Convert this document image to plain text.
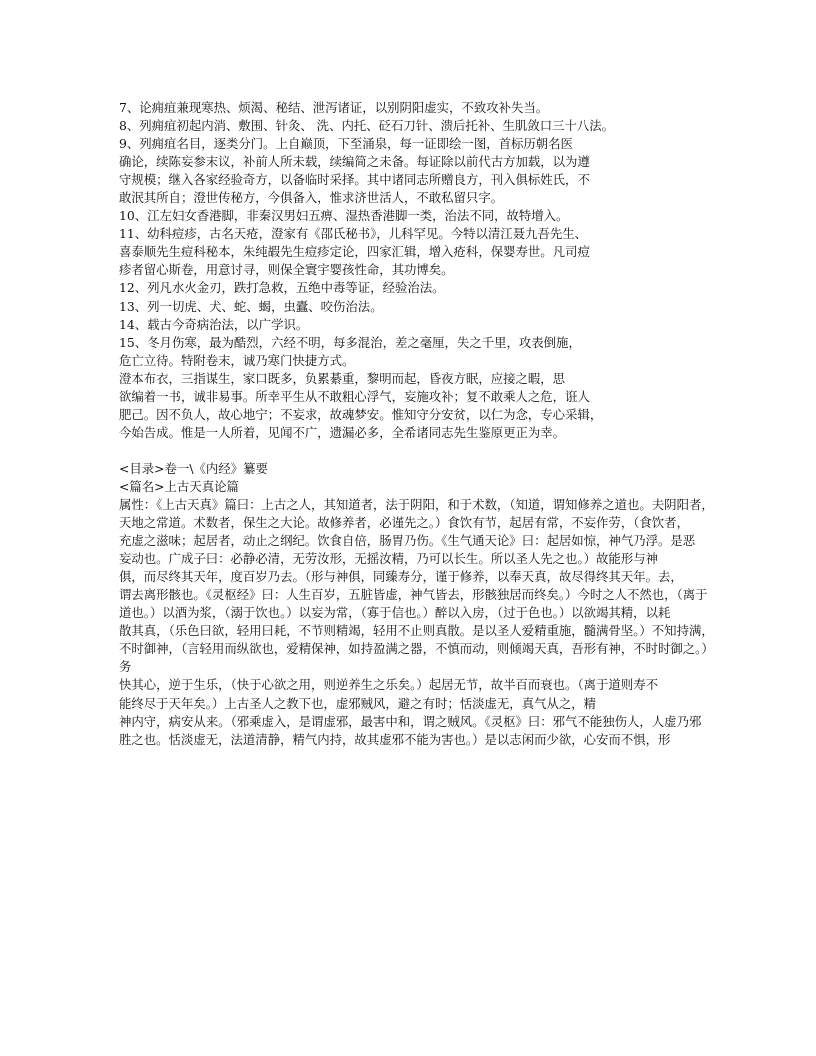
7、论痈疽兼现寒热、烦渴、秘结、泄泻诸证，以别阴阳虚实，不致攻补失当。
8、列痈疽初起内消、敷围、针灸、 洗、内托、砭石刀针、溃后托补、生肌敛口三十八法。
9、列痈疽名目，逐类分门。上自巅顶，下至涌泉，每一证即绘一图，首标历朝名医
确论，续陈妄参末议，补前人所未载，续编简之未备。每证除以前代古方加载，以为遵
守规模；继入各家经验奇方，以备临时采择。其中诸同志所赠良方，刊入俱标姓氏，不
敢泯其所自；澄世传秘方，今俱备入，惟求济世活人，不敢私留只字。
10、江左妇女香港脚，非秦汉男妇五痹、湿热香港脚一类，治法不同，故特增入。
11、幼科痘疹，古名天疮，澄家有《邵氏秘书》，儿科罕见。今特以清江聂九吾先生、
喜泰顺先生痘科秘本，朱纯嘏先生痘疹定论，四家汇辑，增入疮科，保婴寿世。凡司痘
疹者留心斯卷，用意讨寻，则保全寰宇婴孩性命，其功博矣。
12、列凡水火金刃，跌打急救，五绝中毒等证，经验治法。
13、列一切虎、犬、蛇、蝎，虫蠹、咬伤治法。
14、载古今奇病治法，以广学识。
15、冬月伤寒，最为酷烈，六经不明，每多混治，差之毫厘，失之千里，攻表倒施，
危亡立待。特附卷末，诚乃寒门快捷方式。
澄本布衣，三指谋生，家口既多，负累綦重，黎明而起，昏夜方眠，应接之暇，思
欲编着一书，诚非易事。所幸平生从不敢粗心浮气，妄施攻补；复不敢乘人之危，诳人
肥己。因不负人，故心地宁；不妄求，故魂梦安。惟知守分安贫，以仁为念，专心采辑，
今始告成。惟是一人所着，见闻不广，遗漏必多，全希诸同志先生鉴原更正为幸。
<目录>卷一\《内经》纂要
<篇名>上古天真论篇
属性：《上古天真》篇曰：上古之人，其知道者，法于阴阳，和于术数，（知道，谓知修养之道也。夫阴阳者，
天地之常道。术数者，保生之大论。故修养者，必谨先之。）食饮有节，起居有常，不妄作劳，（食饮者，
充虚之滋味；起居者，动止之纲纪。饮食自倍，肠胃乃伤。《生气通天论》曰：起居如惊，神气乃浮。是恶
妄动也。广成子曰：必静必清，无劳汝形，无摇汝精，乃可以长生。所以圣人先之也。）故能形与神
俱，而尽终其天年，度百岁乃去。（形与神俱，同臻寿分，谨于修养，以奉天真，故尽得终其天年。去，
谓去离形骸也。《灵枢经》曰：人生百岁，五脏皆虚，神气皆去，形骸独居而终矣。）今时之人不然也，（离于
道也。）以酒为浆，（溺于饮也。）以妄为常，（寡于信也。）醉以入房，（过于色也。）以欲竭其精，以耗
散其真，（乐色曰欲，轻用曰耗，不节则精竭，轻用不止则真散。是以圣人爱精重施，髓满骨坚。）不知持满，
不时御神，（言轻用而纵欲也，爱精保神，如持盈满之器，不慎而动，则倾竭天真，吾形有神，不时时御之。）务
快其心，逆于生乐，（快于心欲之用，则逆养生之乐矣。）起居无节，故半百而衰也。（离于道则寿不
能终尽于天年矣。）上古圣人之教下也，虚邪贼风，避之有时；恬淡虚无，真气从之，精
神内守，病安从来。（邪乘虚入，是谓虚邪，最害中和，谓之贼风。《灵枢》曰：邪气不能独伤人，人虚乃邪
胜之也。恬淡虚无，法道清静，精气内持，故其虚邪不能为害也。）是以志闲而少欲，心安而不惧，形
